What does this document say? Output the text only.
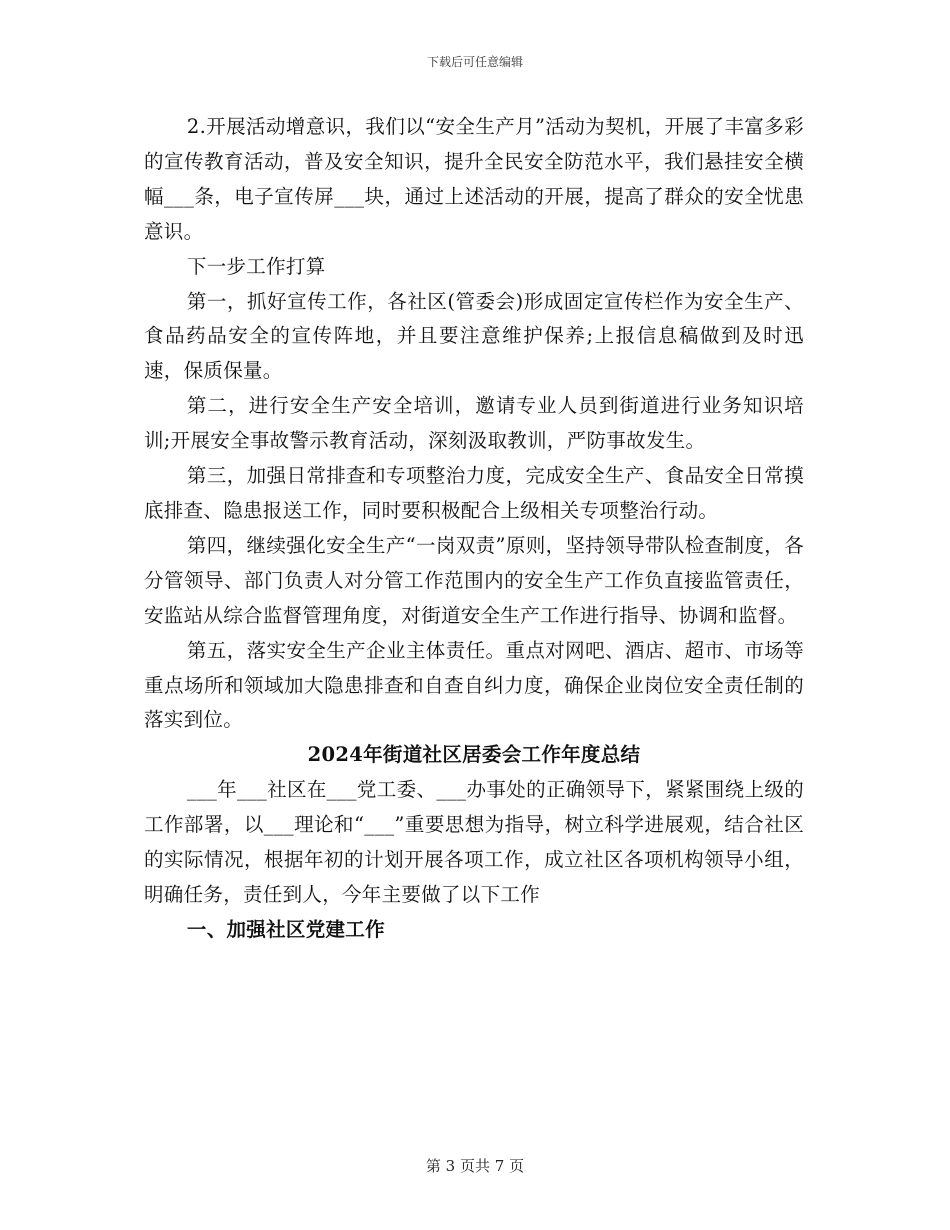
下载后可任意编辑

2.开展活动增意识，我们以“安全生产月”活动为契机，开展了丰富多彩的宣传教育活动，普及安全知识，提升全民安全防范水平，我们悬挂安全横幅___条，电子宣传屏___块，通过上述活动的开展，提高了群众的安全忧患意识。

下一步工作打算

第一，抓好宣传工作，各社区(管委会)形成固定宣传栏作为安全生产、食品药品安全的宣传阵地，并且要注意维护保养;上报信息稿做到及时迅速，保质保量。

第二，进行安全生产安全培训，邀请专业人员到街道进行业务知识培训;开展安全事故警示教育活动，深刻汲取教训，严防事故发生。

第三，加强日常排查和专项整治力度，完成安全生产、食品安全日常摸底排查、隐患报送工作，同时要积极配合上级相关专项整治行动。

第四，继续强化安全生产“一岗双责”原则，坚持领导带队检查制度，各分管领导、部门负责人对分管工作范围内的安全生产工作负直接监管责任，安监站从综合监督管理角度，对街道安全生产工作进行指导、协调和监督。

第五，落实安全生产企业主体责任。重点对网吧、酒店、超市、市场等重点场所和领域加大隐患排查和自查自纠力度，确保企业岗位安全责任制的落实到位。

2024年街道社区居委会工作年度总结

___年___社区在___党工委、___办事处的正确领导下，紧紧围绕上级的工作部署，以___理论和“___”重要思想为指导，树立科学进展观，结合社区的实际情况，根据年初的计划开展各项工作，成立社区各项机构领导小组，明确任务，责任到人，今年主要做了以下工作

一、加强社区党建工作

第 3 页共 7 页
